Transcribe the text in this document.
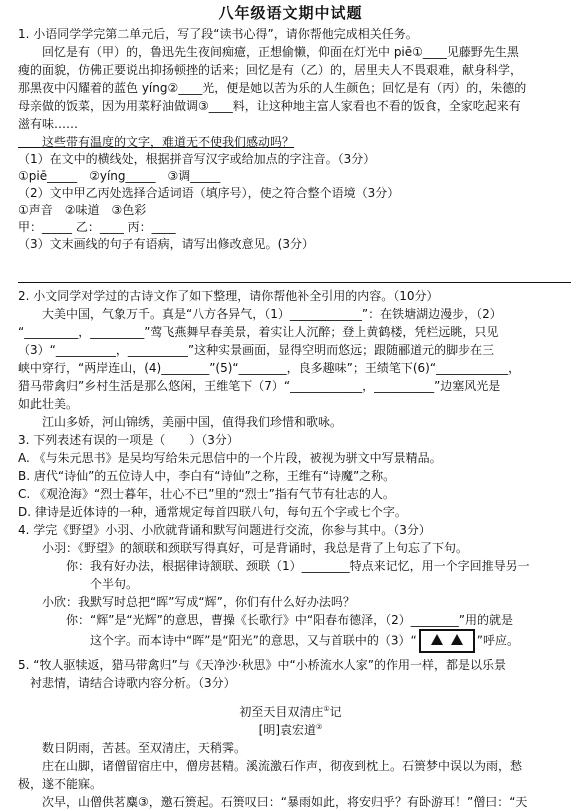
八年级语文期中试题
1. 小语同学学完第二单元后，写了段“读书心得”，请你帮他完成相关任务。
　　回忆是有（甲）的，鲁迅先生夜间痴癔，正想偷懒，仰面在灯光中 piē①____见藤野先生黑
瘦的面貌，仿佛正要说出抑扬顿挫的话来；回忆是有（乙）的，居里夫人不畏艰难，献身科学，
那黑夜中闪耀着的蓝色 yíng②____光，便是她以苦为乐的人生颜色；回忆是有（丙）的，朱德的
母亲做的饭菜，因为用菜籽油做调③____料，让这种地主富人家看也不看的饭食，全家吃起来有
滋有味……
　　这些带有温度的文字，难道无不使我们感动吗？
（1）在文中的横线处，根据拼音写汉字或给加点的字注音。（3分）
①piē_____　②yíng_____　③调_____
（2）文中甲乙丙处选择合适词语（填序号），使之符合整个语境（3分）
①声音　②味道　③色彩
甲：_____ 乙：____ 丙：____
（3）文末画线的句子有语病，请写出修改意见。(3分）
2. 小文同学对学过的古诗文作了如下整理，请你帮他补全引用的内容。（10分）
　　大美中国，气象万千。真是“八方各异气，（1）____________”：在铁塘湖边漫步，（2）
“_________，_________”莺飞燕舞早春美景，着实让人沉醉；登上黄鹤楼，凭栏远眺，只见
（3）“__________，__________”这种实景画面，显得空明而悠远；跟随郦道元的脚步在三
峡中穿行，“两岸连山，(4)________”(5)“________，良多趣味”；王绩笔下(6)“____________，
猎马带禽归”乡村生活是那么悠闲，王维笔下（7）“____________，__________”边塞风光是
如此壮美。
　　江山多娇，河山锦绣，美丽中国，值得我们珍惜和歌咏。
3. 下列表述有误的一项是（　　）（3分）
A. 《与朱元思书》是吴均写给朱元思信中的一个片段，被视为骈文中写景精品。
B. 唐代“诗仙”的五位诗人中，李白有“诗仙”之称，王维有“诗魔”之称。
C. 《观沧海》“烈士暮年，壮心不已”里的“烈士”指有气节有壮志的人。
D. 律诗是近体诗的一种，通常规定每首四联八句，每句五个字或七个字。
4. 学完《野望》小羽、小欣就背诵和默写问题进行交流，你参与其中。（3分）
　　小羽：《野望》的颔联和颈联写得真好，可是背诵时，我总是背了上句忘了下句。
　　　　你：我有好办法，根据律诗颔联、颈联（1）________特点来记忆，用一个字回推导另一
　　　　　　个半句。
　　小欣：我默写时总把“晖”写成“辉”，你们有什么好办法吗？
　　　　你：“辉”是“光辉”的意思，曹操《长歌行》中“阳春布德泽，（2）________”用的就是
5. “牧人驱犊返，猎马带禽归”与《天净沙·秋思》中“小桥流水人家”的作用一样，都是以乐景
　衬悲情，请结合诗歌内容分析。（3分）
　　数日阴雨，苦甚。至双清庄，天稍霁。
　　庄在山脚，诸僧留宿庄中，僧房甚精。溪流激石作声，彻夜到枕上。石篑梦中误以为雨，愁
极，遂不能寐。
　　　　　　这个字。而本诗中“晖”是“阳光”的意思，又与首联中的（3）“	”呼应。
初至天目双清庄①记
[明]袁宏道②
　　次早，山僧供茗麋③，邀石篑起。石篑叹曰：“暴雨如此，将安归乎？有卧游耳！”僧曰：“天
